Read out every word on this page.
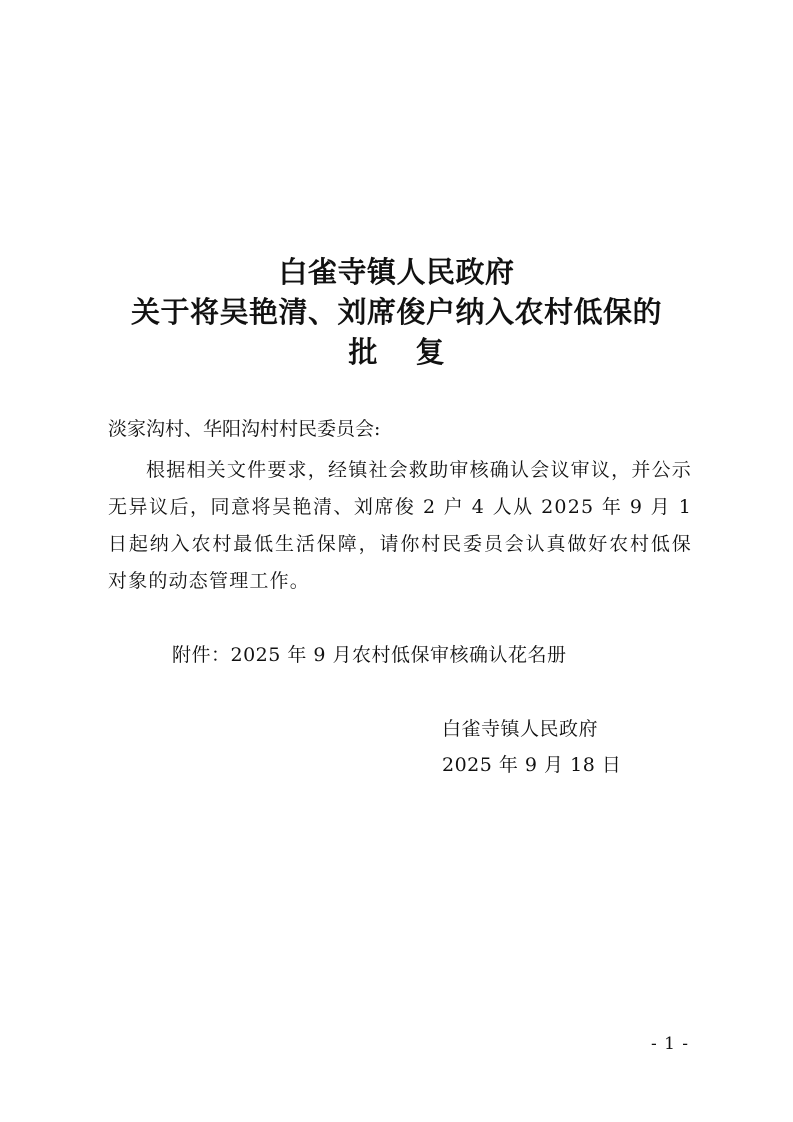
白雀寺镇人民政府
关于将吴艳清、刘席俊户纳入农村低保的
批 复
淡家沟村、华阳沟村村民委员会:
根据相关文件要求，经镇社会救助审核确认会议审议，并公示无异议后，同意将吴艳清、刘席俊 2 户 4 人从 2025 年 9 月 1 日起纳入农村最低生活保障，请你村民委员会认真做好农村低保对象的动态管理工作。
附件：2025 年 9 月农村低保审核确认花名册
白雀寺镇人民政府
2025 年 9 月 18 日
- 1 -
